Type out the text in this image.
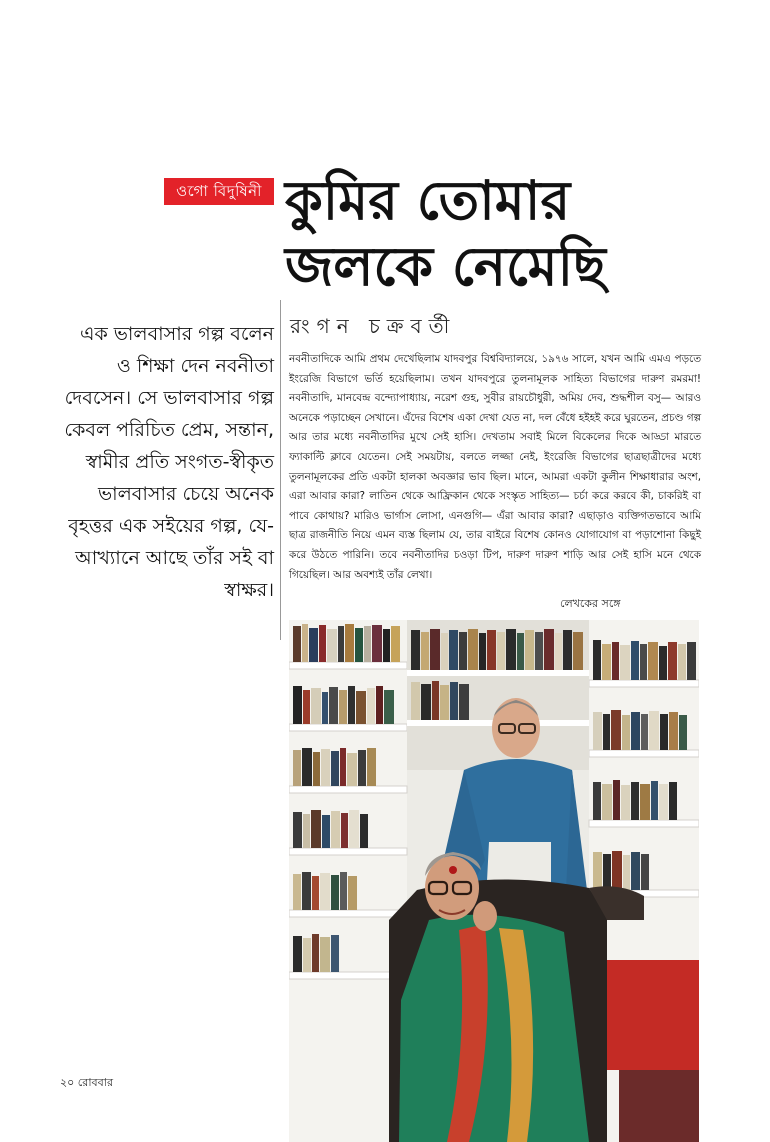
ওগো বিদুষিনী কুমির তোমার
জলকে নেমেছি

এক ভালবাসার গল্প বলেন ও শিক্ষা দেন নবনীতা দেবসেন। সে ভালবাসার গল্প কেবল পরিচিত প্রেম, সন্তান, স্বামীর প্রতি সংগত-স্বীকৃত ভালবাসার চেয়ে অনেক বৃহত্তর এক সইয়ের গল্প, যে-আখ্যানে আছে তাঁর সই বা স্বাক্ষর।

রংগন চক্রবর্তী

নবনীতাদিকে আমি প্রথম দেখেছিলাম যাদবপুর বিশ্ববিদ্যালয়ে, ১৯৭৬ সালে, যখন আমি এমএ পড়তে ইংরেজি বিভাগে ভর্তি হয়েছিলাম। তখন যাদবপুরে তুলনামূলক সাহিত্য বিভাগের দারুণ রমরমা! নবনীতাদি, মানবেন্দ্র বন্দ্যোপাধ্যায়, নরেশ গুহ, সুবীর রায়চৌধুরী, অমিয় দেব, শুদ্ধশীল বসু— আরও অনেকে পড়াচ্ছেন সেখানে। এঁদের বিশেষ একা দেখা যেত না, দল বেঁধে হইহই করে ঘুরতেন, প্রচণ্ড গল্প আর তার মধ্যে নবনীতাদির মুখে সেই হাসি। দেখতাম সবাই মিলে বিকেলের দিকে আড্ডা মারতে ফ্যাকাল্টি ক্লাবে যেতেন। সেই সময়টায়, বলতে লজ্জা নেই, ইংরেজি বিভাগের ছাত্রছাত্রীদের মধ্যে তুলনামূলকের প্রতি একটা হালকা অবজ্ঞার ভাব ছিল। মানে, আমরা একটা কুলীন শিক্ষাধারার অংশ, এরা আবার কারা? লাতিন থেকে আফ্রিকান থেকে সংস্কৃত সাহিত্য— চর্চা করে করবে কী, চাকরিই বা পাবে কোথায়? মারিও ভার্গাস লোসা, এনগুগি— এঁরা আবার কারা? এছাড়াও ব্যক্তিগতভাবে আমি ছাত্র রাজনীতি নিয়ে এমন ব্যস্ত ছিলাম যে, তার বাইরে বিশেষ কোনও যোগাযোগ বা পড়াশোনা কিছুই করে উঠতে পারিনি। তবে নবনীতাদির চওড়া টিপ, দারুণ দারুণ শাড়ি আর সেই হাসি মনে থেকে গিয়েছিল। আর অবশ্যই তাঁর লেখা।

লেখকের সঙ্গে
২০ রোববার
